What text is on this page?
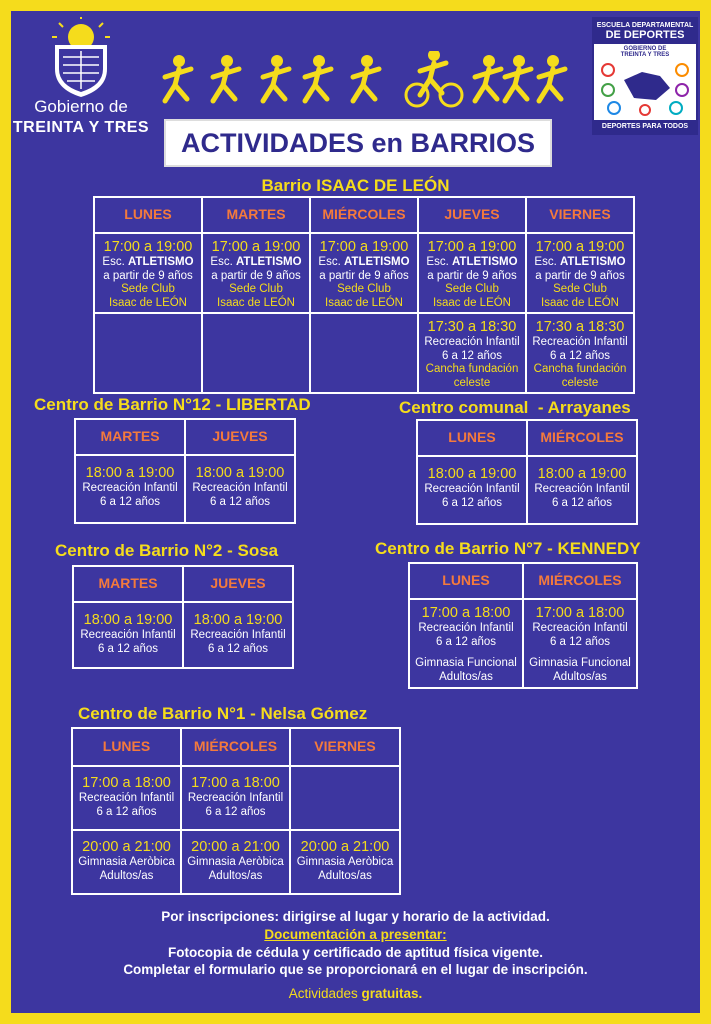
Gobierno de
TREINTA Y TRES
ESCUELA DEPARTAMENTAL
DE DEPORTES
GOBIERNO DE TREINTA Y TRES
DEPORTES PARA TODOS
ACTIVIDADES en BARRIOS
Barrio ISAAC DE LEÓN
LUNES	MARTES	MIÉRCOLES	JUEVES	VIERNES

17:00 a 19:00
Esc. ATLETISMO
a partir de 9 años
Sede Club
Isaac de LEÓN	17:00 a 19:00
Esc. ATLETISMO
a partir de 9 años
Sede Club
Isaac de LEÓN	17:00 a 19:00
Esc. ATLETISMO
a partir de 9 años
Sede Club
Isaac de LEÓN	17:00 a 19:00
Esc. ATLETISMO
a partir de 9 años
Sede Club
Isaac de LEÓN	17:00 a 19:00
Esc. ATLETISMO
a partir de 9 años
Sede Club
Isaac de LEÓN

			17:30 a 18:30
Recreación Infantil
6 a 12 años
Cancha fundación
celeste	17:30 a 18:30
Recreación Infantil
6 a 12 años
Cancha fundación
celeste
Centro de Barrio N°12 - LIBERTAD
MARTES	JUEVES

18:00 a 19:00
Recreación Infantil
6 a 12 años	18:00 a 19:00
Recreación Infantil
6 a 12 años
Centro comunal  - Arrayanes
LUNES	MIÉRCOLES

18:00 a 19:00
Recreación Infantil
6 a 12 años	18:00 a 19:00
Recreación Infantil
6 a 12 años
Centro de Barrio N°2 - Sosa
MARTES	JUEVES

18:00 a 19:00
Recreación Infantil
6 a 12 años	18:00 a 19:00
Recreación Infantil
6 a 12 años
Centro de Barrio N°7 - KENNEDY
LUNES	MIÉRCOLES

17:00 a 18:00
Recreación Infantil
6 a 12 años
Gimnasia Funcional
Adultos/as	17:00 a 18:00
Recreación Infantil
6 a 12 años
Gimnasia Funcional
Adultos/as
Centro de Barrio N°1 - Nelsa Gómez
LUNES	MIÉRCOLES	VIERNES

17:00 a 18:00
Recreación Infantil
6 a 12 años	17:00 a 18:00
Recreación Infantil
6 a 12 años	

20:00 a 21:00
Gimnasia Aeròbica
Adultos/as	20:00 a 21:00
Gimnasia Aeròbica
Adultos/as	20:00 a 21:00
Gimnasia Aeròbica
Adultos/as
Por inscripciones: dirigirse al lugar y horario de la actividad.
Documentación a presentar:
Fotocopia de cédula y certificado de aptitud física vigente.
Completar el formulario que se proporcionará en el lugar de inscripción.
Actividades gratuitas.
